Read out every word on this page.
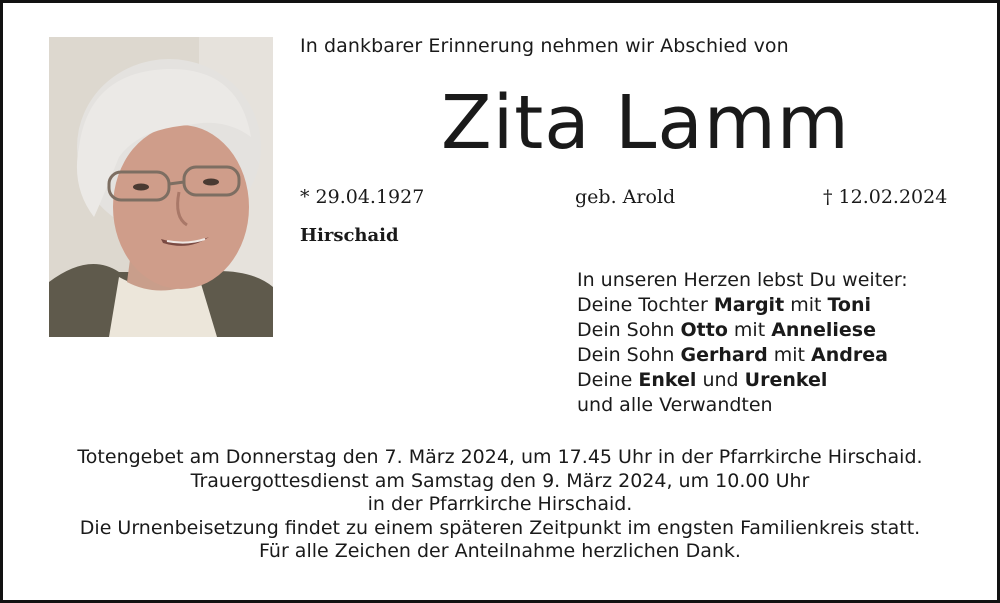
In dankbarer Erinnerung nehmen wir Abschied von
Zita Lamm
* 29.04.1927	geb. Arold	† 12.02.2024
Hirschaid
In unseren Herzen lebst Du weiter:
Deine Tochter Margit mit Toni
Dein Sohn Otto mit Anneliese
Dein Sohn Gerhard mit Andrea
Deine Enkel und Urenkel
und alle Verwandten
Totengebet am Donnerstag den 7. März 2024, um 17.45 Uhr in der Pfarrkirche Hirschaid.
Trauergottesdienst am Samstag den 9. März 2024, um 10.00 Uhr
in der Pfarrkirche Hirschaid.
Die Urnenbeisetzung findet zu einem späteren Zeitpunkt im engsten Familienkreis statt.
Für alle Zeichen der Anteilnahme herzlichen Dank.
